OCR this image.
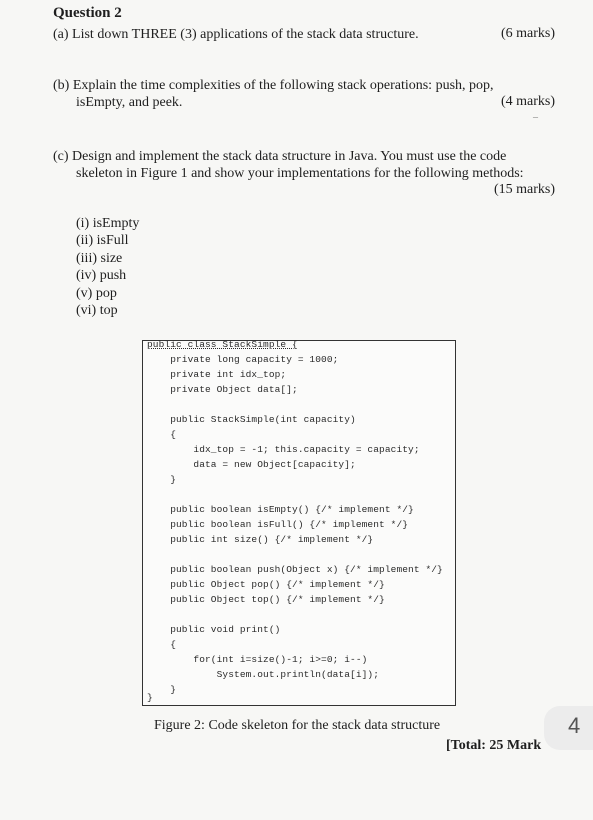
Question 2
(a) List down THREE (3) applications of the stack data structure.	(6 marks)
(b) Explain the time complexities of the following stack operations: push, pop,
isEmpty, and peek.	(4 marks)
–
(c) Design and implement the stack data structure in Java. You must use the code
skeleton in Figure 1 and show your implementations for the following methods:
(15 marks)
(i) isEmpty
(ii) isFull
(iii) size
(iv) push
(v) pop
(vi) top
public class StackSimple {
private long capacity = 1000;
private int idx_top;
private Object data[];
public StackSimple(int capacity)
{
idx_top = -1; this.capacity = capacity;
data = new Object[capacity];
}
public boolean isEmpty() {/* implement */}
public boolean isFull() {/* implement */}
public int size() {/* implement */}
public boolean push(Object x) {/* implement */}
public Object pop() {/* implement */}
public Object top() {/* implement */}
public void print()
{
for(int i=size()-1; i>=0; i--)
System.out.println(data[i]);
}
}
Figure 2: Code skeleton for the stack data structure
[Total: 25 Mark
4
